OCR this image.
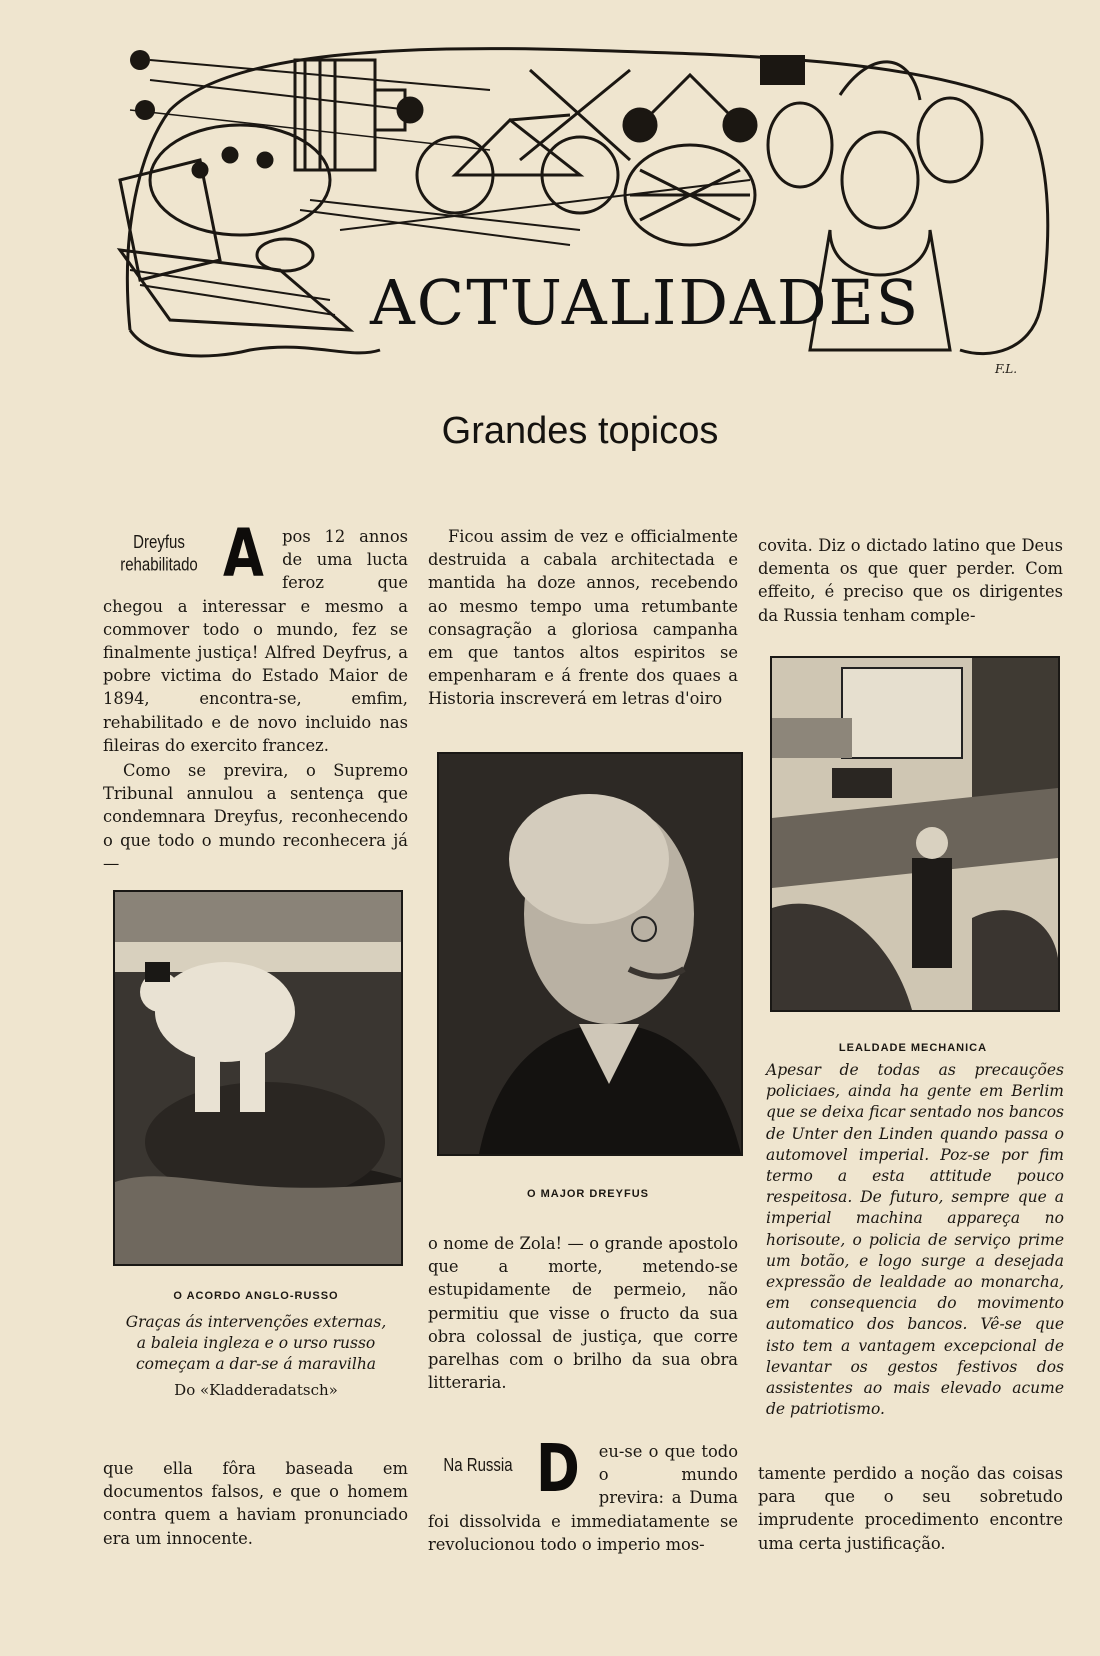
ACTUALIDADES
F.L.
Grandes topicos
Dreyfus rehabilitado A	pos 12 annos de uma lucta feroz que chegou a interessar e mesmo a commover todo o mundo, fez se finalmente justiça! Alfred Deyfrus, a pobre victima do Estado Maior de 1894, encontra-se, emfim, rehabilitado e de novo incluido nas fileiras do exercito francez.

Como se previra, o Supremo Tribunal annulou a sentença que condemnara Dreyfus, reconhecendo o que todo o mundo reconhecera já —

O ACORDO ANGLO-RUSSO
Graças ás intervenções externas, a baleia ingleza e o urso russo começam a dar-se á maravilha
Do «Kladderadatsch»

que ella fôra baseada em documentos falsos, e que o homem contra quem a haviam pronunciado era um innocente.

Ficou assim de vez e officialmente destruida a cabala architectada e mantida ha doze annos, recebendo ao mesmo tempo uma retumbante consagração a gloriosa campanha em que tantos altos espiritos se empenharam e á frente dos quaes a Historia inscreverá em letras d'oiro

O MAJOR DREYFUS

o nome de Zola! — o grande apostolo que a morte, metendo-se estupidamente de permeio, não permitiu que visse o fructo da sua obra colossal de justiça, que corre parelhas com o brilho da sua obra litteraria.

Na Russia D	eu-se o que todo o mundo previra: a Duma foi dissolvida e immediatamente se revolucionou todo o imperio mos-

covita. Diz o dictado latino que Deus dementa os que quer perder. Com effeito, é preciso que os dirigentes da Russia tenham comple-

LEALDADE MECHANICA
Apesar de todas as precauções policiaes, ainda ha gente em Berlim que se deixa ficar sentado nos bancos de Unter den Linden quando passa o automovel imperial. Poz-se por fim termo a esta attitude pouco respeitosa. De futuro, sempre que a imperial machina appareça no horisoute, o policia de serviço prime um botão, e logo surge a desejada expressão de lealdade ao monarcha, em consequencia do movimento automatico dos bancos. Vê-se que isto tem a vantagem excepcional de levantar os gestos festivos dos assistentes ao mais elevado acume de patriotismo.

tamente perdido a noção das coisas para que o seu sobretudo imprudente procedimento encontre uma certa justificação.
